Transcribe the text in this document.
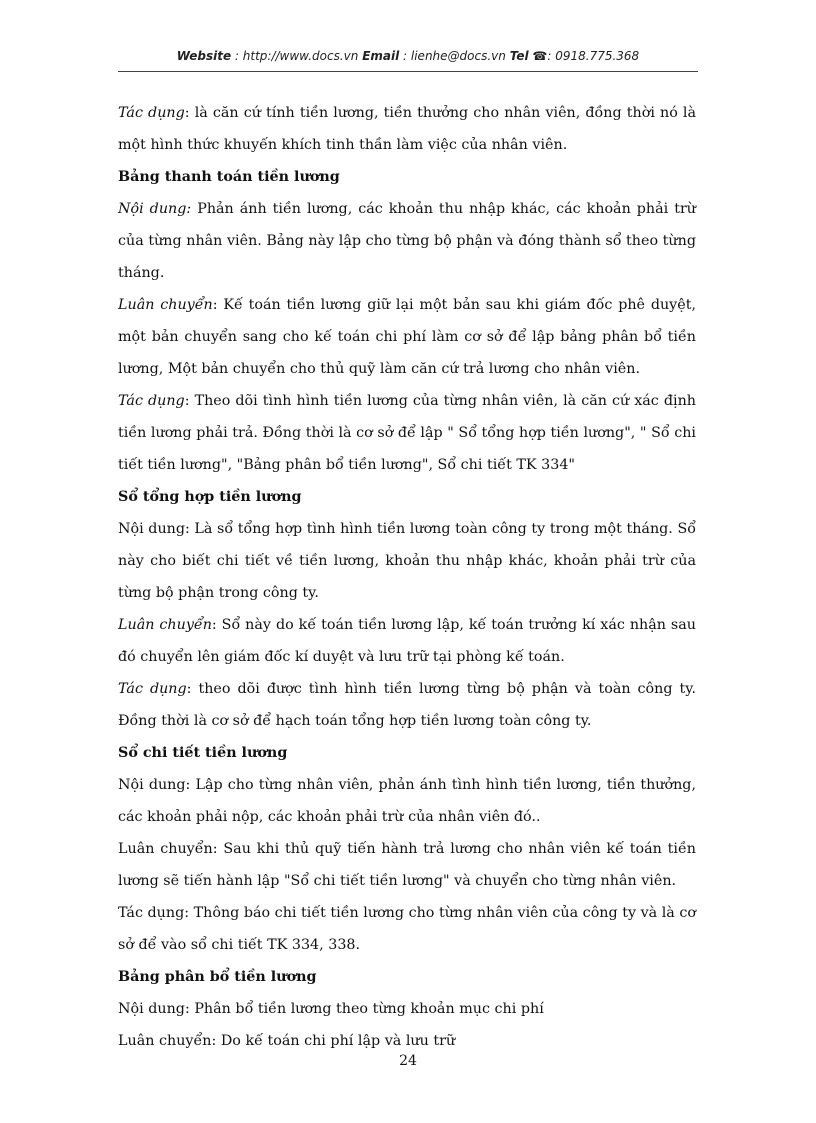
Website : http://www.docs.vn Email : lienhe@docs.vn Tel ☎: 0918.775.368

Tác dụng: là căn cứ tính tiền lương, tiền thưởng cho nhân viên, đồng thời nó là một hình thức khuyến khích tinh thần làm việc của nhân viên.

Bảng thanh toán tiền lương

Nội dung: Phản ánh tiền lương, các khoản thu nhập khác, các khoản phải trừ của từng nhân viên. Bảng này lập cho từng bộ phận và đóng thành sổ theo từng tháng.

Luân chuyển: Kế toán tiền lương giữ lại một bản sau khi giám đốc phê duyệt, một bản chuyển sang cho kế toán chi phí làm cơ sở để lập bảng phân bổ tiền lương, Một bản chuyển cho thủ quỹ làm căn cứ trả lương cho nhân viên.

Tác dụng: Theo dõi tình hình tiền lương của từng nhân viên, là căn cứ xác định tiền lương phải trả. Đồng thời là cơ sở để lập " Sổ tổng hợp tiền lương", " Sổ chi tiết tiền lương", "Bảng phân bổ tiền lương", Sổ chi tiết TK 334"

Sổ tổng hợp tiền lương

Nội dung: Là sổ tổng hợp tình hình tiền lương toàn công ty trong một tháng. Sổ này cho biết chi tiết về tiền lương, khoản thu nhập khác, khoản phải trừ của từng bộ phận trong công ty.

Luân chuyển: Sổ này do kế toán tiền lương lập, kế toán trưởng kí xác nhận sau đó chuyển lên giám đốc kí duyệt và lưu trữ tại phòng kế toán.

Tác dụng: theo dõi được tình hình tiền lương từng bộ phận và toàn công ty. Đồng thời là cơ sở để hạch toán tổng hợp tiền lương toàn công ty.

Sổ chi tiết tiền lương

Nội dung: Lập cho từng nhân viên, phản ánh tình hình tiền lương, tiền thưởng, các khoản phải nộp, các khoản phải trừ của nhân viên đó..

Luân chuyển: Sau khi thủ quỹ tiến hành trả lương cho nhân viên kế toán tiền lương sẽ tiến hành lập "Sổ chi tiết tiền lương" và chuyển cho từng nhân viên.

Tác dụng: Thông báo chi tiết tiền lương cho từng nhân viên của công ty và là cơ sở để vào sổ chi tiết TK 334, 338.

Bảng phân bổ tiền lương

Nội dung: Phân bổ tiền lương theo từng khoản mục chi phí

Luân chuyển: Do kế toán chi phí lập và lưu trữ

24
